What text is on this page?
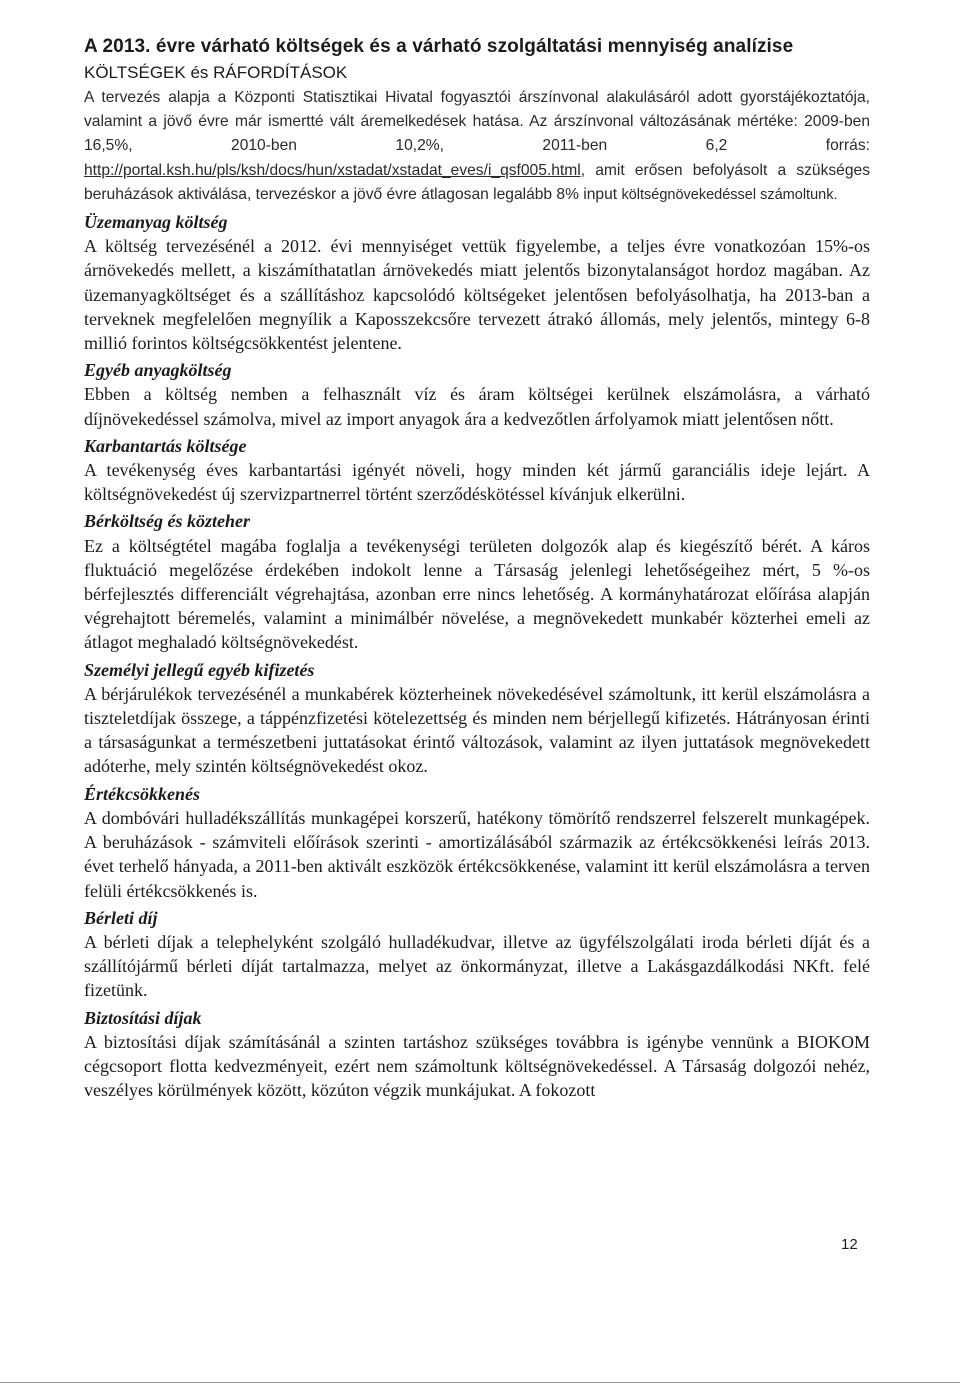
A 2013. évre várható költségek és a várható szolgáltatási mennyiség analízise
KÖLTSÉGEK és RÁFORDÍTÁSOK

A tervezés alapja a Központi Statisztikai Hivatal fogyasztói árszínvonal alakulásáról adott gyorstájékoztatója, valamint a jövő évre már ismertté vált áremelkedések hatása. Az árszínvonal változásának mértéke: 2009-ben 16,5%, 2010-ben 10,2%, 2011-ben 6,2 forrás: http://portal.ksh.hu/pls/ksh/docs/hun/xstadat/xstadat_eves/i_qsf005.html, amit erősen befolyásolt a szükséges beruházások aktiválása, tervezéskor a jövő évre átlagosan legalább 8% input költségnövekedéssel számoltunk.

Üzemanyag költség

A költség tervezésénél a 2012. évi mennyiséget vettük figyelembe, a teljes évre vonatkozóan 15%-os árnövekedés mellett, a kiszámíthatatlan árnövekedés miatt jelentős bizonytalanságot hordoz magában. Az üzemanyagköltséget és a szállításhoz kapcsolódó költségeket jelentősen befolyásolhatja, ha 2013-ban a terveknek megfelelően megnyílik a Kaposszekcsőre tervezett átrakó állomás, mely jelentős, mintegy 6-8 millió forintos költségcsökkentést jelentene.

Egyéb anyagköltség

Ebben a költség nemben a felhasznált víz és áram költségei kerülnek elszámolásra, a várható díjnövekedéssel számolva, mivel az import anyagok ára a kedvezőtlen árfolyamok miatt jelentősen nőtt.

Karbantartás költsége

A tevékenység éves karbantartási igényét növeli, hogy minden két jármű garanciális ideje lejárt. A költségnövekedést új szervizpartnerrel történt szerződéskötéssel kívánjuk elkerülni.

Bérköltség és közteher

Ez a költségtétel magába foglalja a tevékenységi területen dolgozók alap és kiegészítő bérét. A káros fluktuáció megelőzése érdekében indokolt lenne a Társaság jelenlegi lehetőségeihez mért, 5 %-os bérfejlesztés differenciált végrehajtása, azonban erre nincs lehetőség. A kormányhatározat előírása alapján végrehajtott béremelés, valamint a minimálbér növelése, a megnövekedett munkabér közterhei emeli az átlagot meghaladó költségnövekedést.

Személyi jellegű egyéb kifizetés

A bérjárulékok tervezésénél a munkabérek közterheinek növekedésével számoltunk, itt kerül elszámolásra a tiszteletdíjak összege, a táppénzfizetési kötelezettség és minden nem bérjellegű kifizetés. Hátrányosan érinti a társaságunkat a természetbeni juttatásokat érintő változások, valamint az ilyen juttatások megnövekedett adóterhe, mely szintén költségnövekedést okoz.

Értékcsökkenés

A dombóvári hulladékszállítás munkagépei korszerű, hatékony tömörítő rendszerrel felszerelt munkagépek. A beruházások - számviteli előírások szerinti - amortizálásából származik az értékcsökkenési leírás 2013. évet terhelő hányada, a 2011-ben aktivált eszközök értékcsökkenése, valamint itt kerül elszámolásra a terven felüli értékcsökkenés is.

Bérleti díj

A bérleti díjak a telephelyként szolgáló hulladékudvar, illetve az ügyfélszolgálati iroda bérleti díját és a szállítójármű bérleti díját tartalmazza, melyet az önkormányzat, illetve a Lakásgazdálkodási NKft. felé fizetünk.

Biztosítási díjak

A biztosítási díjak számításánál a szinten tartáshoz szükséges továbbra is igénybe vennünk a BIOKOM cégcsoport flotta kedvezményeit, ezért nem számoltunk költségnövekedéssel. A Társaság dolgozói nehéz, veszélyes körülmények között, közúton végzik munkájukat. A fokozott

12
